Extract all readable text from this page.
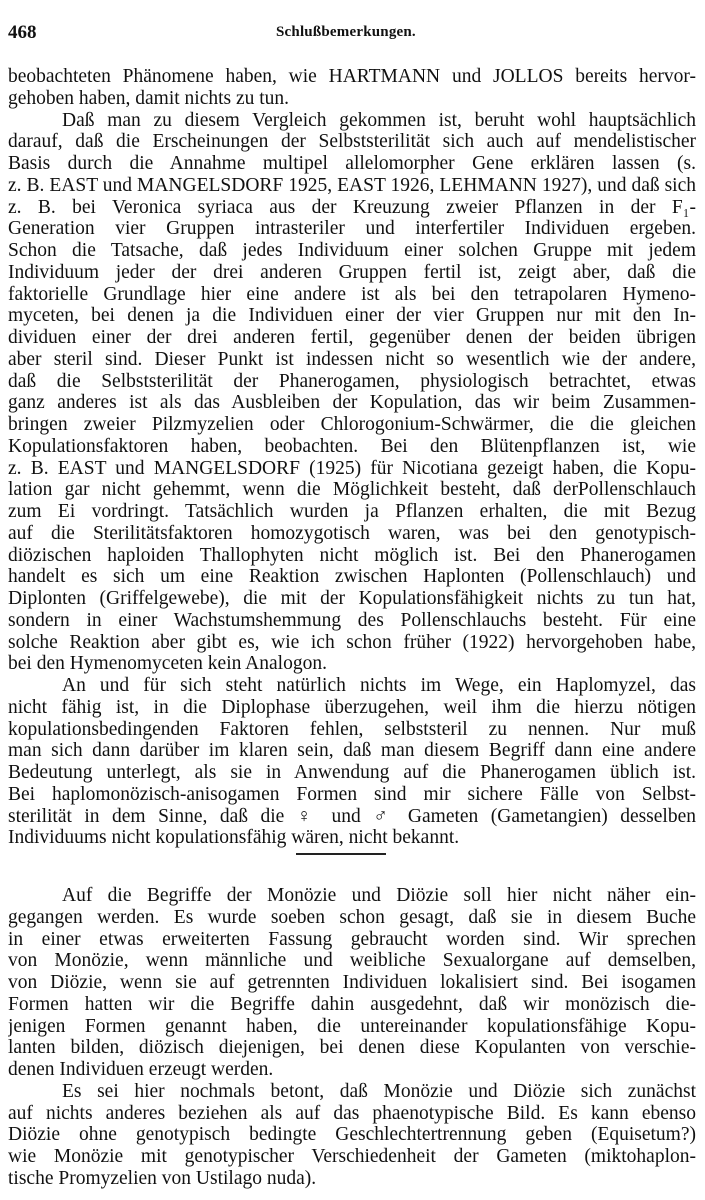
468	Schlußbemerkungen.
beobachteten Phänomene haben, wie HARTMANN und JOLLOS bereits hervor-
gehoben haben, damit nichts zu tun.
Daß man zu diesem Vergleich gekommen ist, beruht wohl hauptsächlich
darauf, daß die Erscheinungen der Selbststerilität sich auch auf mendelistischer
Basis durch die Annahme multipel allelomorpher Gene erklären lassen (s.
z. B. EAST und MANGELSDORF 1925, EAST 1926, LEHMANN 1927), und daß sich
z. B. bei Veronica syriaca aus der Kreuzung zweier Pflanzen in der F₁-
Generation vier Gruppen intrasteriler und interfertiler Individuen ergeben.
Schon die Tatsache, daß jedes Individuum einer solchen Gruppe mit jedem
Individuum jeder der drei anderen Gruppen fertil ist, zeigt aber, daß die
faktorielle Grundlage hier eine andere ist als bei den tetrapolaren Hymeno-
myceten, bei denen ja die Individuen einer der vier Gruppen nur mit den In-
dividuen einer der drei anderen fertil, gegenüber denen der beiden übrigen
aber steril sind. Dieser Punkt ist indessen nicht so wesentlich wie der andere,
daß die Selbststerilität der Phanerogamen, physiologisch betrachtet, etwas
ganz anderes ist als das Ausbleiben der Kopulation, das wir beim Zusammen-
bringen zweier Pilzmyzelien oder Chlorogonium-Schwärmer, die die gleichen
Kopulationsfaktoren haben, beobachten. Bei den Blütenpflanzen ist, wie
z. B. EAST und MANGELSDORF (1925) für Nicotiana gezeigt haben, die Kopu-
lation gar nicht gehemmt, wenn die Möglichkeit besteht, daß derPollenschlauch
zum Ei vordringt. Tatsächlich wurden ja Pflanzen erhalten, die mit Bezug
auf die Sterilitätsfaktoren homozygotisch waren, was bei den genotypisch-
diözischen haploiden Thallophyten nicht möglich ist. Bei den Phanerogamen
handelt es sich um eine Reaktion zwischen Haplonten (Pollenschlauch) und
Diplonten (Griffelgewebe), die mit der Kopulationsfähigkeit nichts zu tun hat,
sondern in einer Wachstumshemmung des Pollenschlauchs besteht. Für eine
solche Reaktion aber gibt es, wie ich schon früher (1922) hervorgehoben habe,
bei den Hymenomyceten kein Analogon.
An und für sich steht natürlich nichts im Wege, ein Haplomyzel, das
nicht fähig ist, in die Diplophase überzugehen, weil ihm die hierzu nötigen
kopulationsbedingenden Faktoren fehlen, selbststeril zu nennen. Nur muß
man sich dann darüber im klaren sein, daß man diesem Begriff dann eine andere
Bedeutung unterlegt, als sie in Anwendung auf die Phanerogamen üblich ist.
Bei haplomonözisch-anisogamen Formen sind mir sichere Fälle von Selbst-
sterilität in dem Sinne, daß die ♀ und ♂ Gameten (Gametangien) desselben
Individuums nicht kopulationsfähig wären, nicht bekannt.
Auf die Begriffe der Monözie und Diözie soll hier nicht näher ein-
gegangen werden. Es wurde soeben schon gesagt, daß sie in diesem Buche
in einer etwas erweiterten Fassung gebraucht worden sind. Wir sprechen
von Monözie, wenn männliche und weibliche Sexualorgane auf demselben,
von Diözie, wenn sie auf getrennten Individuen lokalisiert sind. Bei isogamen
Formen hatten wir die Begriffe dahin ausgedehnt, daß wir monözisch die-
jenigen Formen genannt haben, die untereinander kopulationsfähige Kopu-
lanten bilden, diözisch diejenigen, bei denen diese Kopulanten von verschie-
denen Individuen erzeugt werden.
Es sei hier nochmals betont, daß Monözie und Diözie sich zunächst
auf nichts anderes beziehen als auf das phaenotypische Bild. Es kann ebenso
Diözie ohne genotypisch bedingte Geschlechtertrennung geben (Equisetum?)
wie Monözie mit genotypischer Verschiedenheit der Gameten (miktohaplon-
tische Promyzelien von Ustilago nuda).
